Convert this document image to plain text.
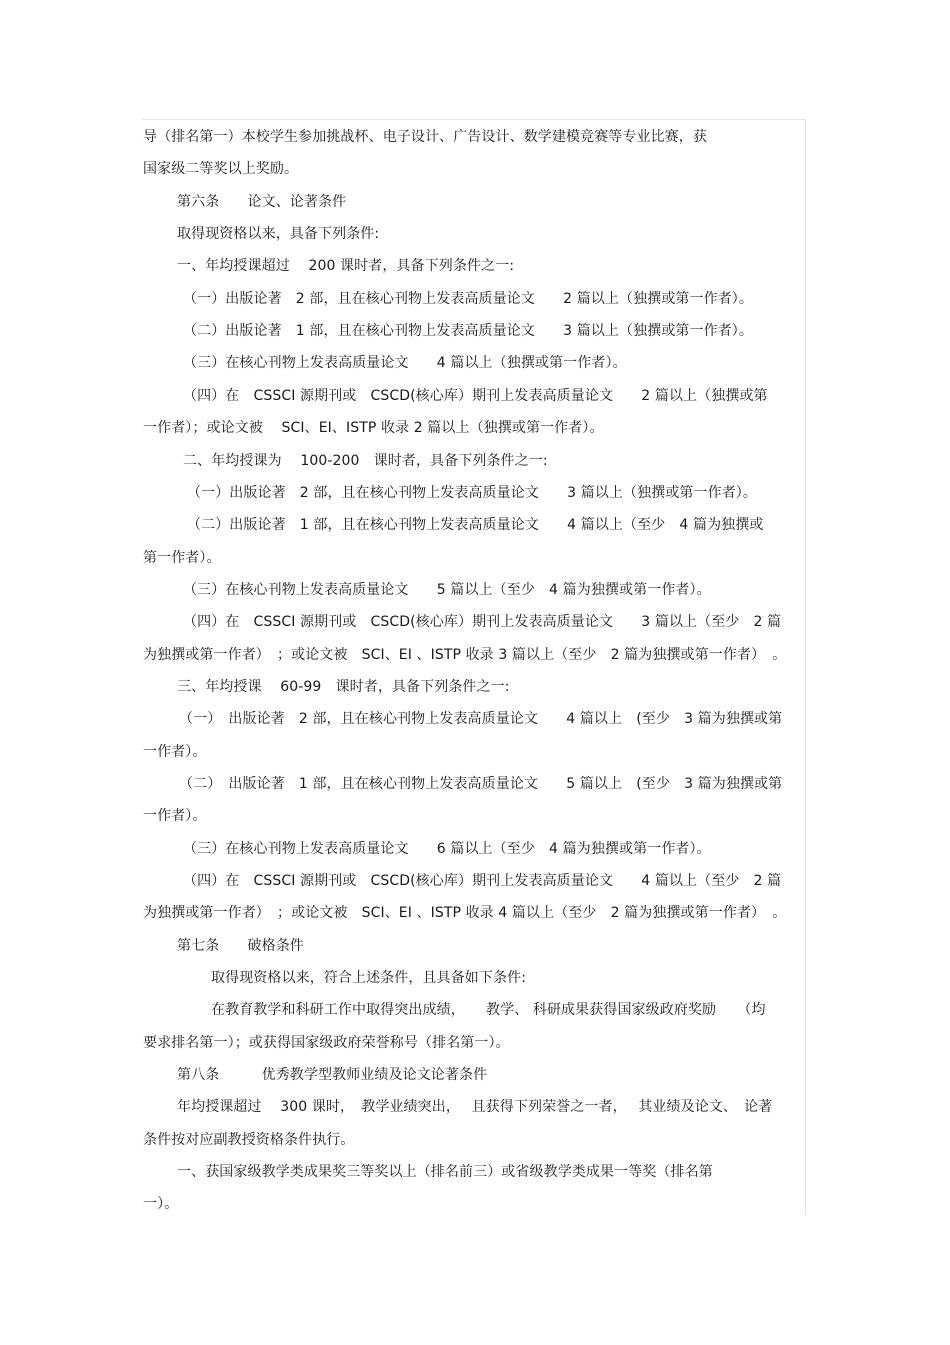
导（排名第一）本校学生参加挑战杯、电子设计、广告设计、数学建模竞赛等专业比赛，获
国家级二等奖以上奖励。
第六条　　论文、论著条件
取得现资格以来，具备下列条件:
一、年均授课超过　 200 课时者，具备下列条件之一:
（一）出版论著　2 部，且在核心刊物上发表高质量论文　　2 篇以上（独撰或第一作者）。
（二）出版论著　1 部，且在核心刊物上发表高质量论文　　3 篇以上（独撰或第一作者）。
（三）在核心刊物上发表高质量论文　　4 篇以上（独撰或第一作者）。
（四）在　CSSCI 源期刊或　CSCD(核心库）期刊上发表高质量论文　　2 篇以上（独撰或第
一作者）；或论文被　 SCI、EI、ISTP 收录 2 篇以上（独撰或第一作者）。
二、年均授课为　 100-200　课时者，具备下列条件之一:
（一）出版论著　2 部，且在核心刊物上发表高质量论文　　3 篇以上（独撰或第一作者）。
（二）出版论著　1 部，且在核心刊物上发表高质量论文　　4 篇以上（至少　4 篇为独撰或
第一作者）。
（三）在核心刊物上发表高质量论文　　5 篇以上（至少　4 篇为独撰或第一作者）。
（四）在　CSSCI 源期刊或　CSCD(核心库）期刊上发表高质量论文　　3 篇以上（至少　2 篇
为独撰或第一作者）　；或论文被　SCI、EI 、ISTP 收录 3 篇以上（至少　2 篇为独撰或第一作者）　。
三、年均授课　 60-99　课时者，具备下列条件之一:
（一）　出版论著　2 部，且在核心刊物上发表高质量论文　　4 篇以上　(至少　3 篇为独撰或第
一作者）。
（二）　出版论著　1 部，且在核心刊物上发表高质量论文　　5 篇以上　(至少　3 篇为独撰或第
一作者）。
（三）在核心刊物上发表高质量论文　　6 篇以上（至少　4 篇为独撰或第一作者）。
（四）在　CSSCI 源期刊或　CSCD(核心库）期刊上发表高质量论文　　4 篇以上（至少　2 篇
为独撰或第一作者）　；或论文被　SCI、EI 、ISTP 收录 4 篇以上（至少　2 篇为独撰或第一作者）　。
第七条　　破格条件
取得现资格以来，符合上述条件，且具备如下条件:
在教育教学和科研工作中取得突出成绩，　　教学、 科研成果获得国家级政府奖励　　（均
要求排名第一）；或获得国家级政府荣誉称号（排名第一）。
第八条　　　优秀教学型教师业绩及论文论著条件
年均授课超过　 300 课时，　教学业绩突出，　 且获得下列荣誉之一者，　 其业绩及论文、　论著
条件按对应副教授资格条件执行。
一、获国家级教学类成果奖三等奖以上（排名前三）或省级教学类成果一等奖（排名第
一）。
